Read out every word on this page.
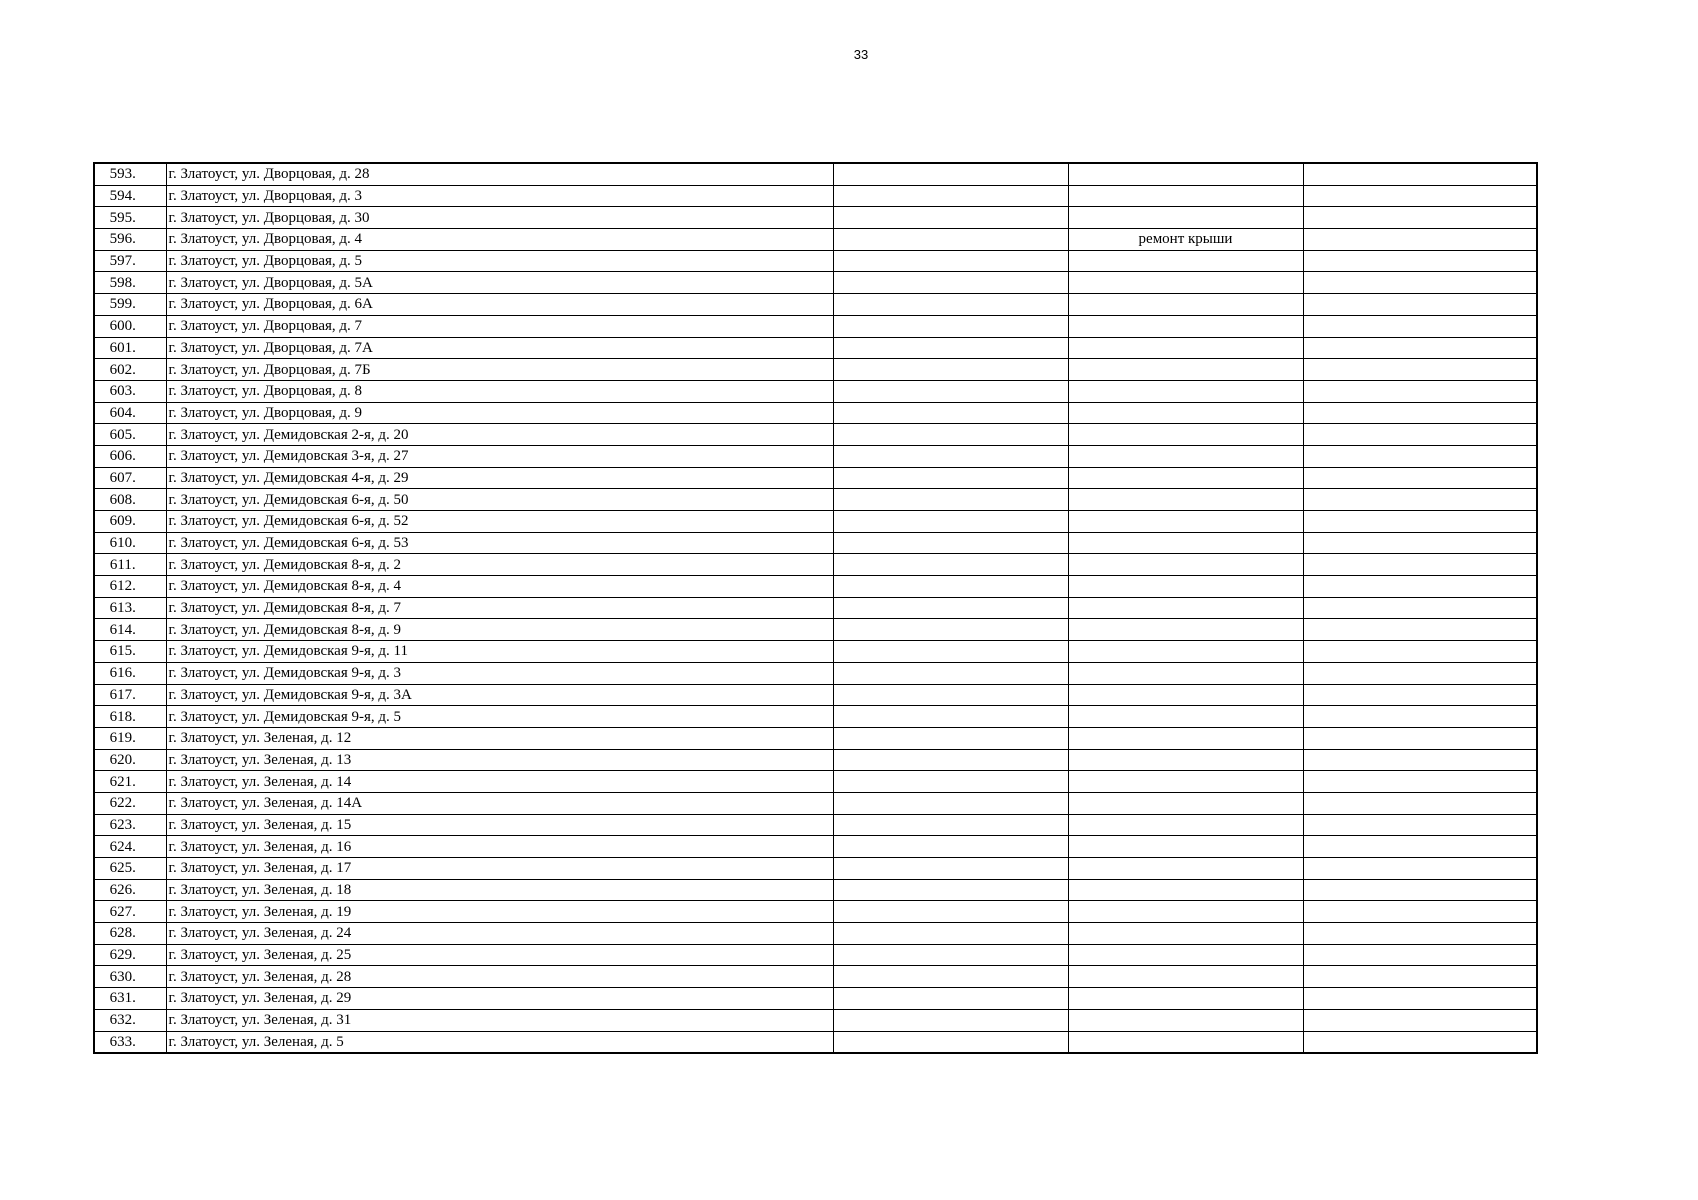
33
593.	г. Златоуст, ул. Дворцовая, д. 28			
594.	г. Златоуст, ул. Дворцовая, д. 3			
595.	г. Златоуст, ул. Дворцовая, д. 30			
596.	г. Златоуст, ул. Дворцовая, д. 4		ремонт крыши	
597.	г. Златоуст, ул. Дворцовая, д. 5			
598.	г. Златоуст, ул. Дворцовая, д. 5А			
599.	г. Златоуст, ул. Дворцовая, д. 6А			
600.	г. Златоуст, ул. Дворцовая, д. 7			
601.	г. Златоуст, ул. Дворцовая, д. 7А			
602.	г. Златоуст, ул. Дворцовая, д. 7Б			
603.	г. Златоуст, ул. Дворцовая, д. 8			
604.	г. Златоуст, ул. Дворцовая, д. 9			
605.	г. Златоуст, ул. Демидовская 2-я, д. 20			
606.	г. Златоуст, ул. Демидовская 3-я, д. 27			
607.	г. Златоуст, ул. Демидовская 4-я, д. 29			
608.	г. Златоуст, ул. Демидовская 6-я, д. 50			
609.	г. Златоуст, ул. Демидовская 6-я, д. 52			
610.	г. Златоуст, ул. Демидовская 6-я, д. 53			
611.	г. Златоуст, ул. Демидовская 8-я, д. 2			
612.	г. Златоуст, ул. Демидовская 8-я, д. 4			
613.	г. Златоуст, ул. Демидовская 8-я, д. 7			
614.	г. Златоуст, ул. Демидовская 8-я, д. 9			
615.	г. Златоуст, ул. Демидовская 9-я, д. 11			
616.	г. Златоуст, ул. Демидовская 9-я, д. 3			
617.	г. Златоуст, ул. Демидовская 9-я, д. 3А			
618.	г. Златоуст, ул. Демидовская 9-я, д. 5			
619.	г. Златоуст, ул. Зеленая, д. 12			
620.	г. Златоуст, ул. Зеленая, д. 13			
621.	г. Златоуст, ул. Зеленая, д. 14			
622.	г. Златоуст, ул. Зеленая, д. 14А			
623.	г. Златоуст, ул. Зеленая, д. 15			
624.	г. Златоуст, ул. Зеленая, д. 16			
625.	г. Златоуст, ул. Зеленая, д. 17			
626.	г. Златоуст, ул. Зеленая, д. 18			
627.	г. Златоуст, ул. Зеленая, д. 19			
628.	г. Златоуст, ул. Зеленая, д. 24			
629.	г. Златоуст, ул. Зеленая, д. 25			
630.	г. Златоуст, ул. Зеленая, д. 28			
631.	г. Златоуст, ул. Зеленая, д. 29			
632.	г. Златоуст, ул. Зеленая, д. 31			
633.	г. Златоуст, ул. Зеленая, д. 5			
